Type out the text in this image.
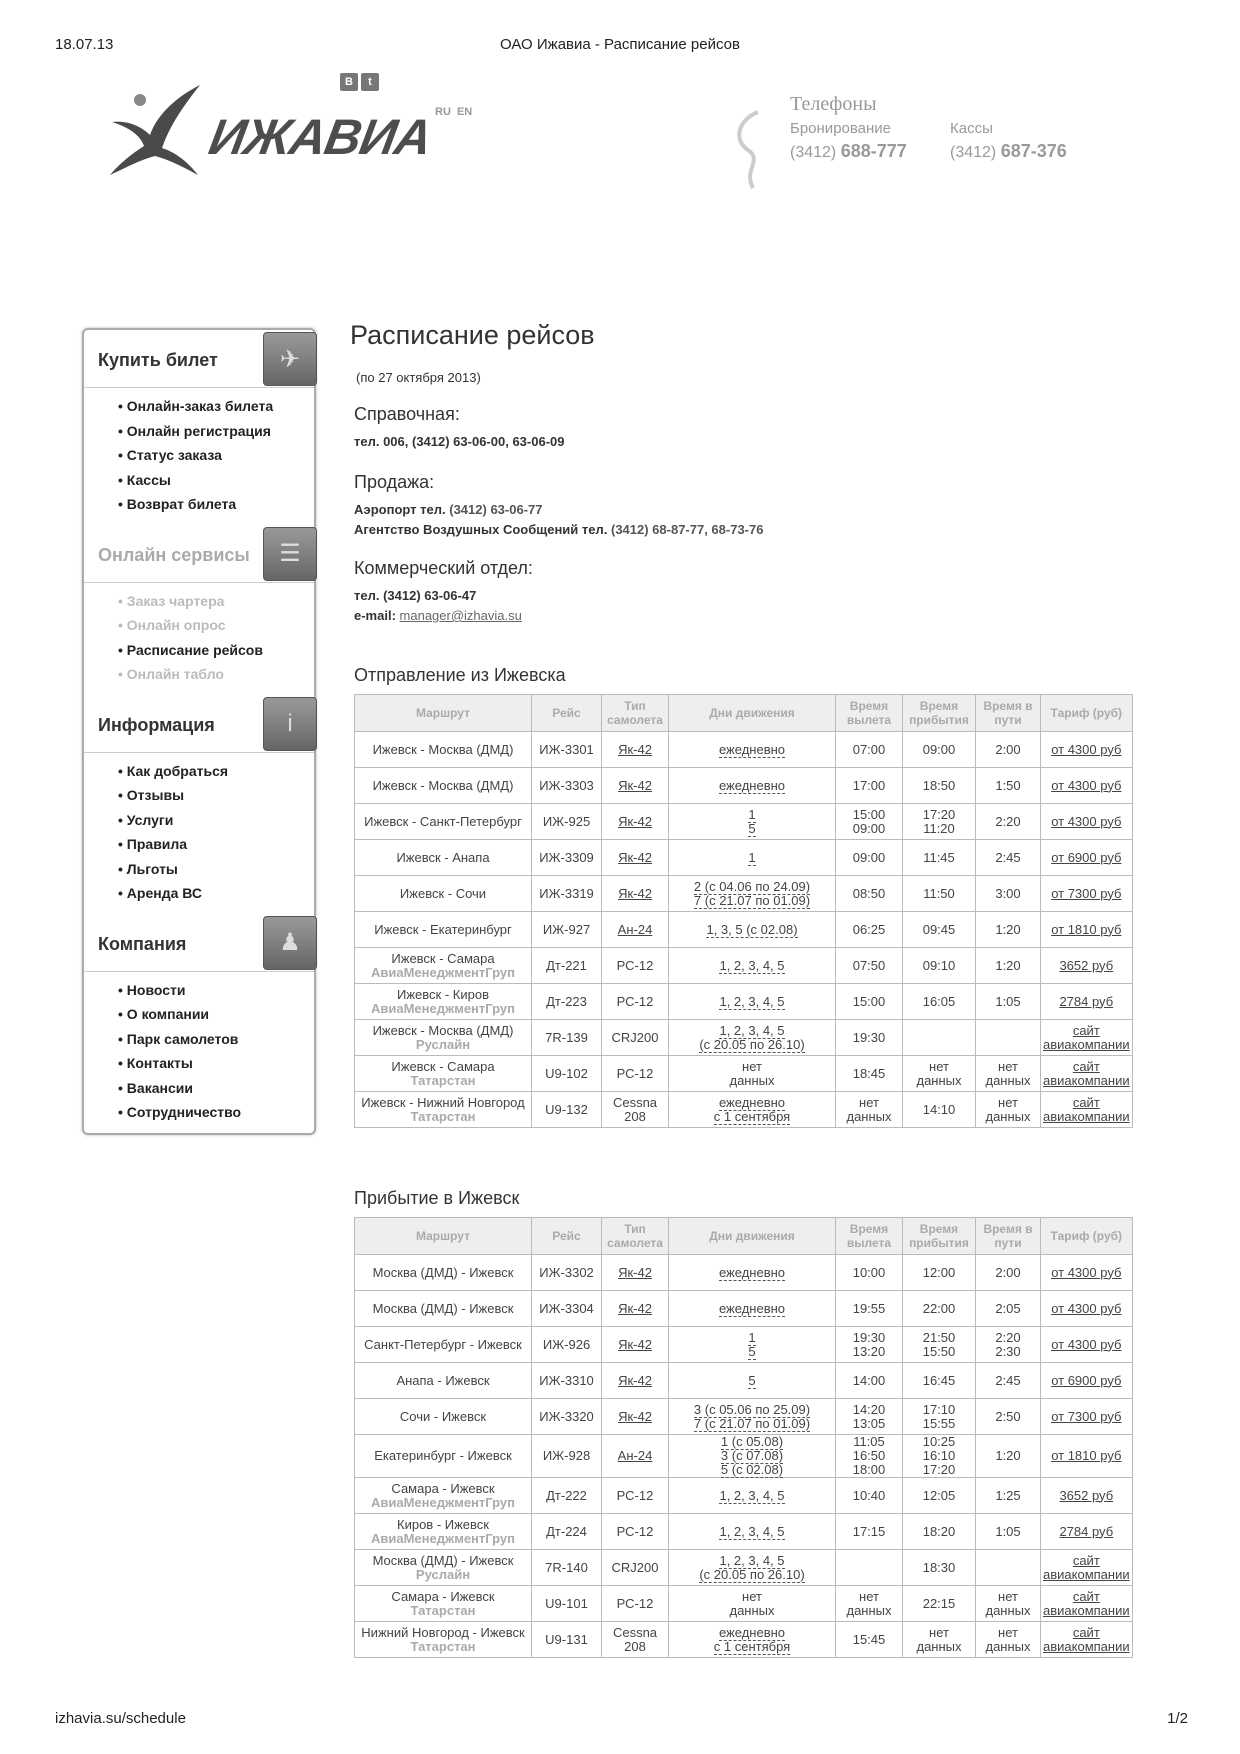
18.07.13	ОАО Ижавиа - Расписание рейсов
izhavia.su/schedule	1/2
ИЖАВИА
В	t
RU EN	Телефоны
Бронирование
(3412) 688-777
Кассы
(3412) 687-376
Купить билет	✈
• Онлайн-заказ билета
• Онлайн регистрация
• Статус заказа
• Кассы
• Возврат билета
Онлайн сервисы	☰
• Заказ чартера
• Онлайн опрос
• Расписание рейсов
• Онлайн табло
Информация	i
• Как добраться
• Отзывы
• Услуги
• Правила
• Льготы
• Аренда ВС
Компания	♟
• Новости
• О компании
• Парк самолетов
• Контакты
• Вакансии
• Сотрудничество
Расписание рейсов
(по 27 октября 2013)
Справочная:
тел. 006, (3412) 63-06-00, 63-06-09
Продажа:
Аэропорт тел. (3412) 63-06-77
Агентство Воздушных Сообщений тел. (3412) 68-87-77, 68-73-76
Коммерческий отдел:
тел. (3412) 63-06-47
e-mail: manager@izhavia.su
Отправление из Ижевска
Маршрут	Рейс	Тип самолета	Дни движения	Время вылета	Время прибытия	Время в пути	Тариф (руб)
Ижевск - Москва (ДМД)	ИЖ-3301	Як-42	ежедневно	07:00	09:00	2:00	от 4300 руб
Ижевск - Москва (ДМД)	ИЖ-3303	Як-42	ежедневно	17:00	18:50	1:50	от 4300 руб
Ижевск - Санкт-Петербург	ИЖ-925	Як-42	1
5	15:00
09:00	17:20
11:20	2:20	от 4300 руб
Ижевск - Анапа	ИЖ-3309	Як-42	1	09:00	11:45	2:45	от 6900 руб
Ижевск - Сочи	ИЖ-3319	Як-42	2 (с 04.06 по 24.09)
7 (с 21.07 по 01.09)	08:50	11:50	3:00	от 7300 руб
Ижевск - Екатеринбург	ИЖ-927	Ан-24	1, 3, 5 (с 02.08)	06:25	09:45	1:20	от 1810 руб
Ижевск - Самара
АвиаМенеджментГруп	Дт-221	РС-12	1, 2, 3, 4, 5	07:50	09:10	1:20	3652 руб
Ижевск - Киров
АвиаМенеджментГруп	Дт-223	РС-12	1, 2, 3, 4, 5	15:00	16:05	1:05	2784 руб
Ижевск - Москва (ДМД)
Руслайн	7R-139	CRJ200	1, 2, 3, 4, 5
(с 20.05 по 26.10)	19:30			сайт
авиакомпании
Ижевск - Самара
Татарстан	U9-102	РС-12	нет
данных	18:45	нет
данных	нет
данных	сайт
авиакомпании
Ижевск - Нижний Новгород
Татарстан	U9-132	Cessna 208	ежедневно
с 1 сентября	нет
данных	14:10	нет
данных	сайт
авиакомпании
Прибытие в Ижевск
Маршрут	Рейс	Тип самолета	Дни движения	Время вылета	Время прибытия	Время в пути	Тариф (руб)
Москва (ДМД) - Ижевск	ИЖ-3302	Як-42	ежедневно	10:00	12:00	2:00	от 4300 руб
Москва (ДМД) - Ижевск	ИЖ-3304	Як-42	ежедневно	19:55	22:00	2:05	от 4300 руб
Санкт-Петербург - Ижевск	ИЖ-926	Як-42	1
5	19:30
13:20	21:50
15:50	2:20
2:30	от 4300 руб
Анапа - Ижевск	ИЖ-3310	Як-42	5	14:00	16:45	2:45	от 6900 руб
Сочи - Ижевск	ИЖ-3320	Як-42	3 (с 05.06 по 25.09)
7 (с 21.07 по 01.09)	14:20
13:05	17:10
15:55	2:50	от 7300 руб
Екатеринбург - Ижевск	ИЖ-928	Ан-24	1 (с 05.08)
3 (с 07.08)
5 (с 02.08)	11:05
16:50
18:00	10:25
16:10
17:20	1:20	от 1810 руб
Самара - Ижевск
АвиаМенеджментГруп	Дт-222	РС-12	1, 2, 3, 4, 5	10:40	12:05	1:25	3652 руб
Киров - Ижевск
АвиаМенеджментГруп	Дт-224	РС-12	1, 2, 3, 4, 5	17:15	18:20	1:05	2784 руб
Москва (ДМД) - Ижевск
Руслайн	7R-140	CRJ200	1, 2, 3, 4, 5
(с 20.05 по 26.10)		18:30		сайт
авиакомпании
Самара - Ижевск
Татарстан	U9-101	РС-12	нет
данных	нет
данных	22:15	нет
данных	сайт
авиакомпании
Нижний Новгород - Ижевск
Татарстан	U9-131	Cessna 208	ежедневно
с 1 сентября	15:45	нет
данных	нет
данных	сайт
авиакомпании
